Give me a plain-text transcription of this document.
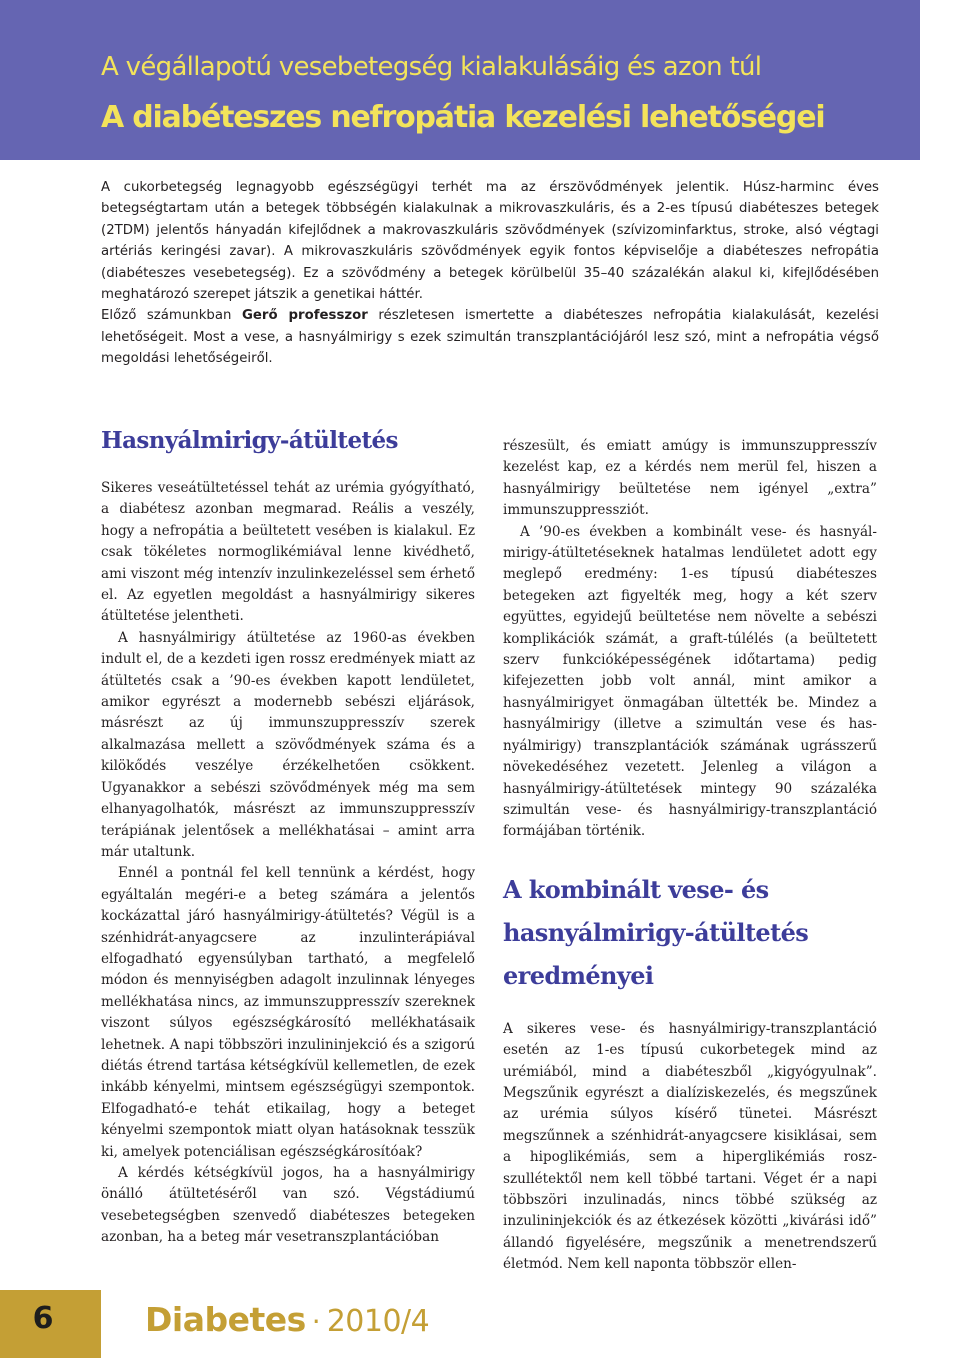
A végállapotú vesebetegség kialakulásáig és azon túl
A diabéteszes nefropátia kezelési lehetőségei

A cukorbetegség legnagyobb egészségügyi terhét ma az érszövődmények jelentik. Húsz-harminc éves betegségtartam után a betegek többségén kialakulnak a mikrovaszkuláris, és a 2-es típusú diabéteszes betegek (2TDM) jelentős hányadán kifejlődnek a makrovaszkuláris szövődmények (szívizominfarktus, stroke, alsó végtagi artériás keringési zavar). A mikrovaszkuláris szövődmények egyik fontos képviselője a diabéteszes nefropátia (diabéteszes vesebetegség). Ez a szövődmény a betegek körülbelül 35–40 százalékán alakul ki, kifejlődésében meghatározó szerepet játszik a genetikai háttér.

Előző számunkban Gerő professzor részletesen ismertette a diabéteszes nefropátia kialakulását, kezelési lehetőségeit. Most a vese, a hasnyálmirigy s ezek szimultán transzplantációjáról lesz szó, mint a nefropátia végső megoldási lehetőségeiről.

Hasnyálmirigy-átültetés

Sikeres veseátültetéssel tehát az urémia gyógyítható, a diabétesz azonban megmarad. Reális a veszély, hogy a nefropátia a beültetett vesében is kialakul. Ez csak tökéletes normoglikémiával lenne kivédhető, ami viszont még intenzív inzulinkezeléssel sem érhető el. Az egyetlen megoldást a hasnyálmirigy sikeres átültetése jelentheti.

A hasnyálmirigy átültetése az 1960-as években indult el, de a kezdeti igen rossz eredmények miatt az átültetés csak a ’90-es években kapott lendületet, amikor egyrészt a modernebb sebészi eljárások, másrészt az új immunszuppresszív szerek alkalmazása mellett a szövődmények száma és a kilökődés veszélye érzékelhetően csökkent. Ugyanakkor a sebészi szövődmények még ma sem elhanyagolhatók, másrészt az immunszuppresszív terápiának jelentősek a mellékhatásai – amint arra már utaltunk.

Ennél a pontnál fel kell tennünk a kérdést, hogy egyáltalán megéri-e a beteg számára a jelentős kockázattal járó hasnyálmirigy-átültetés? Végül is a szénhidrát-anyagcsere az inzulinterápiával elfogadható egyensúlyban tartható, a megfelelő módon és mennyiségben adagolt inzulinnak lényeges mellékhatása nincs, az immunszuppresszív szereknek viszont súlyos egészségkárosító mellékhatásaik lehetnek. A napi többszöri inzulininjekció és a szigorú diétás étrend tartása kétségkívül kellemetlen, de ezek inkább kényelmi, mintsem egészségügyi szempontok. Elfogadható-e tehát etikailag, hogy a beteget kényelmi szempontok miatt olyan hatásoknak tesszük ki, amelyek potenciálisan egészségkárosítóak?

A kérdés kétségkívül jogos, ha a hasnyálmirigy önálló átültetéséről van szó. Végstádiumú vesebetegségben szenvedő diabéteszes betegeken azonban, ha a beteg már vesetranszplantációban

részesült, és emiatt amúgy is immunszuppresszív kezelést kap, ez a kérdés nem merül fel, hiszen a hasnyálmirigy beültetése nem igényel „extra” immunszuppressziót.

A ’90-es években a kombinált vese- és hasnyálmirigy-átültetéseknek hatalmas lendületet adott egy meglepő eredmény: 1-es típusú diabéteszes betegeken azt figyelték meg, hogy a két szerv együttes, egyidejű beültetése nem növelte a sebészi komplikációk számát, a graft-túlélés (a beültetett szerv funkcióképességének időtartama) pedig kifejezetten jobb volt annál, mint amikor a hasnyálmirigyet önmagában ültették be. Mindez a hasnyálmirigy (illetve a szimultán vese és hasnyálmirigy) transzplantációk számának ugrásszerű növekedéséhez vezetett. Jelenleg a világon a hasnyálmirigy-átültetések mintegy 90 százaléka szimultán vese- és hasnyálmirigy-transzplantáció formájában történik.

A kombinált vese- és hasnyálmirigy-átültetés eredményei

A sikeres vese- és hasnyálmirigy-transzplantáció esetén az 1-es típusú cukorbetegek mind az urémiából, mind a diabéteszből „kigyógyulnak”. Megszűnik egyrészt a dialíziskezelés, és megszűnek az urémia súlyos kísérő tünetei. Másrészt megszűnnek a szénhidrát-anyagcsere kisiklásai, sem a hipoglikémiás, sem a hiperglikémiás roszszullétektől nem kell többé tartani. Véget ér a napi többszöri inzulinadás, nincs többé szükség az inzulininjekciók és az étkezések közötti „kivárási idő” állandó figyelésére, megszűnik a menetrendszerű életmód. Nem kell naponta többször ellen-

6	Diabetes · 2010/4
